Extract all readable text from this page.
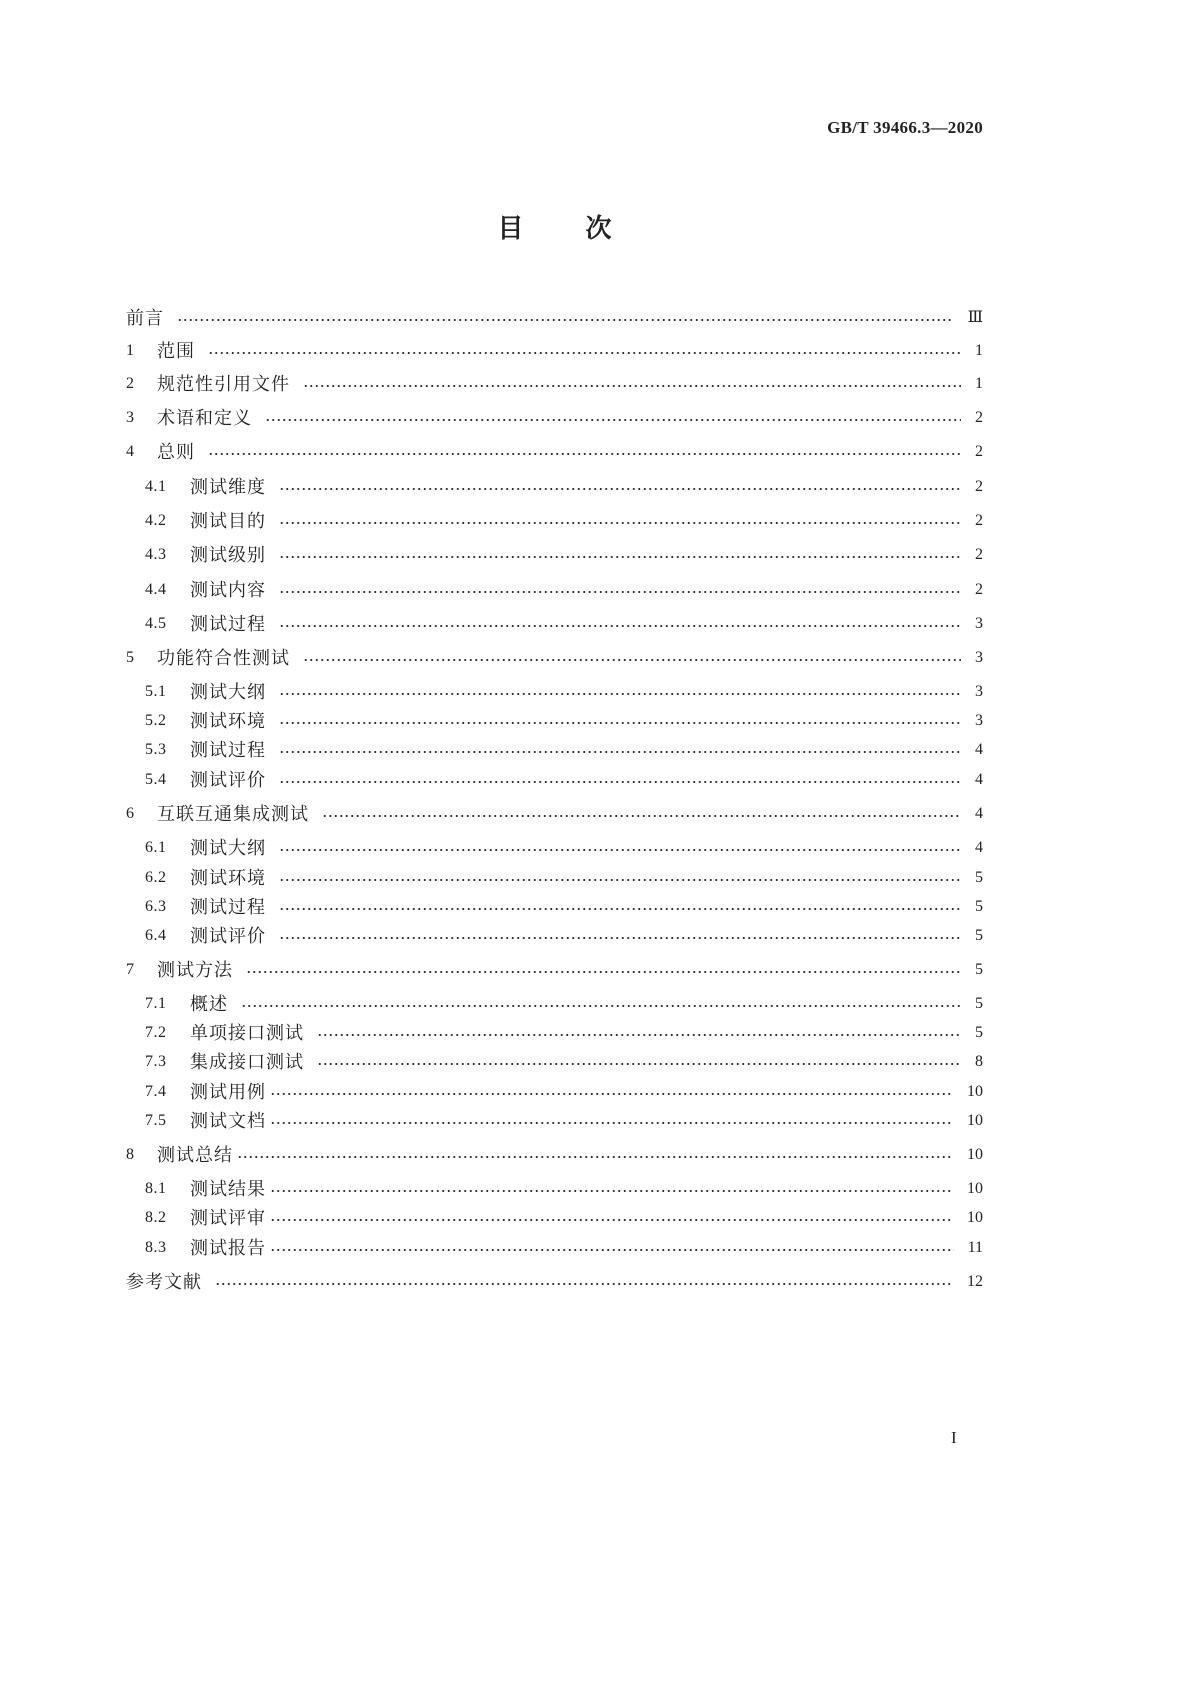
GB/T 39466.3—2020
目次
前言	Ⅲ
1	范围	1
2	规范性引用文件	1
3	术语和定义	2
4	总则	2
4.1	测试维度	2
4.2	测试目的	2
4.3	测试级别	2
4.4	测试内容	2
4.5	测试过程	3
5	功能符合性测试	3
5.1	测试大纲	3
5.2	测试环境	3
5.3	测试过程	4
5.4	测试评价	4
6	互联互通集成测试	4
6.1	测试大纲	4
6.2	测试环境	5
6.3	测试过程	5
6.4	测试评价	5
7	测试方法	5
7.1	概述	5
7.2	单项接口测试	5
7.3	集成接口测试	8
7.4	测试用例	10
7.5	测试文档	10
8	测试总结	10
8.1	测试结果	10
8.2	测试评审	10
8.3	测试报告	11
参考文献	12
I
